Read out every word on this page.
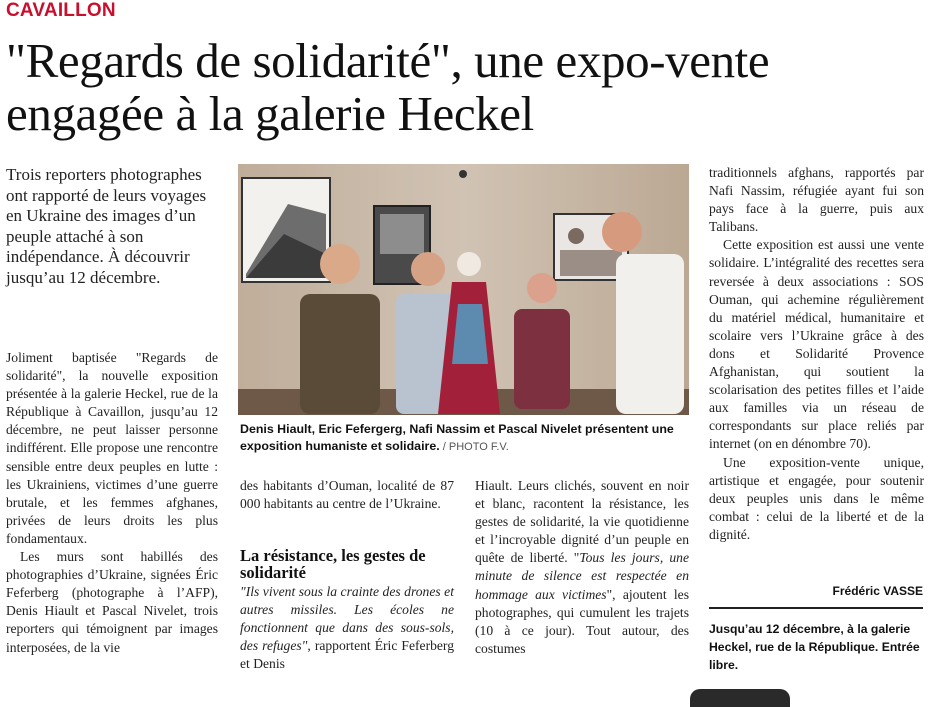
CAVAILLON
"Regards de solidarité", une expo-vente engagée à la galerie Heckel
Trois reporters photographes ont rapporté de leurs voyages en Ukraine des images d’un peuple attaché à son indépendance. À découvrir jusqu’au 12 décembre.

Joliment baptisée "Regards de solidarité", la nouvelle exposition présentée à la galerie Heckel, rue de la République à Cavaillon, jusqu’au 12 décembre, ne peut laisser personne indifférent. Elle propose une rencontre sensible entre deux peuples en lutte : les Ukrainiens, victimes d’une guerre brutale, et les femmes afghanes, privées de leurs droits les plus fondamentaux.

Les murs sont habillés des photographies d’Ukraine, signées Éric Feferberg (photographe à l’AFP), Denis Hiault et Pascal Nivelet, trois reporters qui témoignent par images interposées, de la vie

Denis Hiault, Eric Fefergerg, Nafi Nassim et Pascal Nivelet présentent une exposition humaniste et solidaire. / PHOTO F.V.

des habitants d’Ouman, localité de 87 000 habitants au centre de l’Ukraine.

La résistance, les gestes de solidarité

"Ils vivent sous la crainte des drones et autres missiles. Les écoles ne fonctionnent que dans des sous-sols, des refuges", rapportent Éric Feferberg et Denis

Hiault. Leurs clichés, souvent en noir et blanc, racontent la résistance, les gestes de solidarité, la vie quotidienne et l’incroyable dignité d’un peuple en quête de liberté. "Tous les jours, une minute de silence est respectée en hommage aux victimes", ajoutent les photographes, qui cumulent les trajets (10 à ce jour). Tout autour, des costumes

traditionnels afghans, rapportés par Nafi Nassim, réfugiée ayant fui son pays face à la guerre, puis aux Talibans.

Cette exposition est aussi une vente solidaire. L’intégralité des recettes sera reversée à deux associations : SOS Ouman, qui achemine régulièrement du matériel médical, humanitaire et scolaire vers l’Ukraine grâce à des dons et Solidarité Provence Afghanistan, qui soutient la scolarisation des petites filles et l’aide aux familles via un réseau de correspondants sur place reliés par internet (on en dénombre 70).

Une exposition-vente unique, artistique et engagée, pour soutenir deux peuples unis dans le même combat : celui de la liberté et de la dignité.

Frédéric VASSE
Jusqu’au 12 décembre, à la galerie Heckel, rue de la République. Entrée libre.
